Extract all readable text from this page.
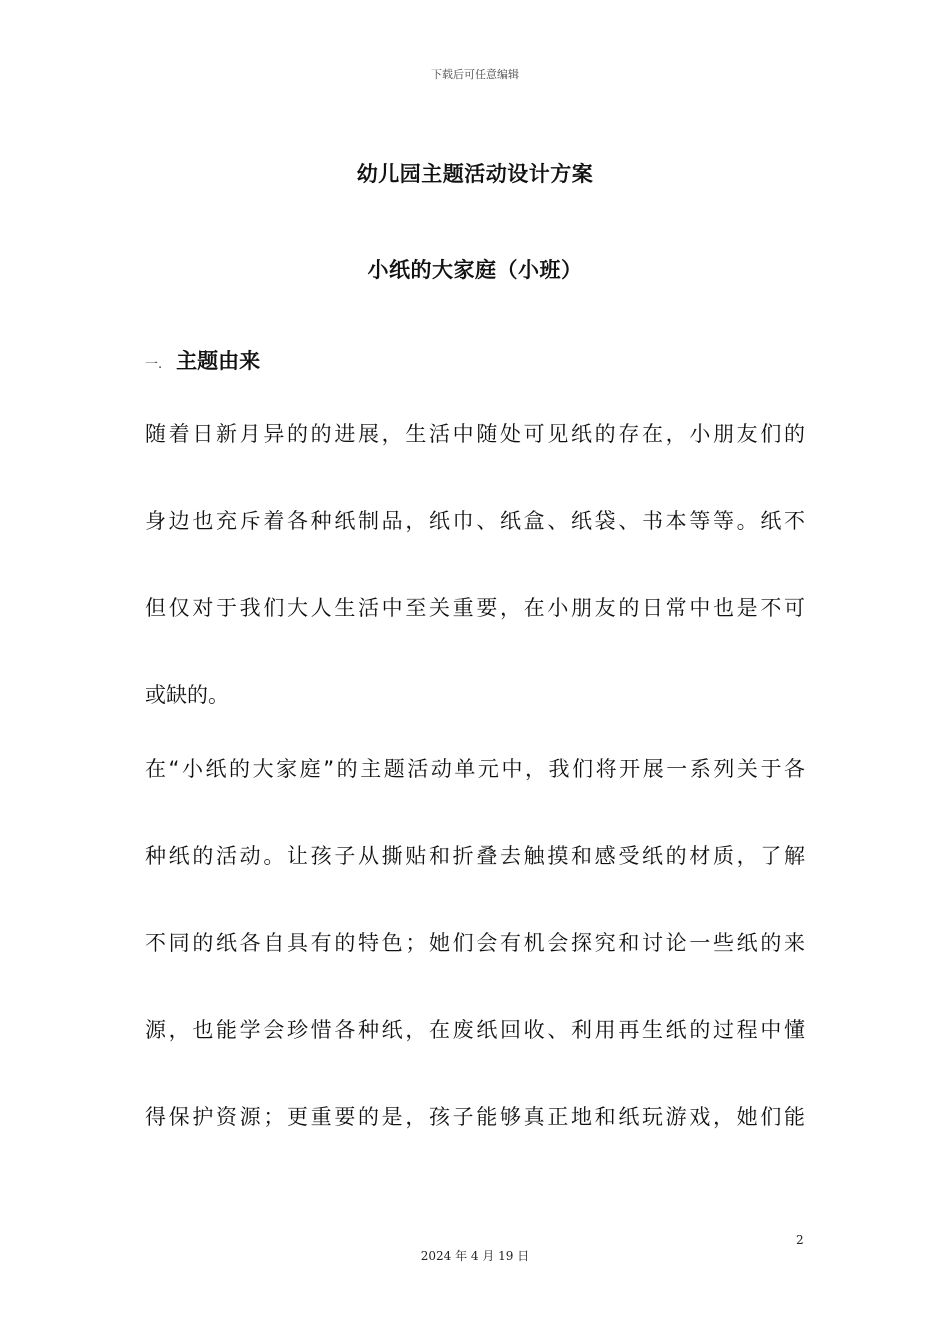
下载后可任意编辑
幼儿园主题活动设计方案
小纸的大家庭（小班）
一. 主题由来
随着日新月异的的进展，生活中随处可见纸的存在，小朋友们的
身边也充斥着各种纸制品，纸巾、纸盒、纸袋、书本等等。纸不
但仅对于我们大人生活中至关重要，在小朋友的日常中也是不可
或缺的。
在“小纸的大家庭”的主题活动单元中，我们将开展一系列关于各
种纸的活动。让孩子从撕贴和折叠去触摸和感受纸的材质，了解
不同的纸各自具有的特色；她们会有机会探究和讨论一些纸的来
源，也能学会珍惜各种纸，在废纸回收、利用再生纸的过程中懂
得保护资源；更重要的是，孩子能够真正地和纸玩游戏，她们能
2
2024 年 4 月 19 日
